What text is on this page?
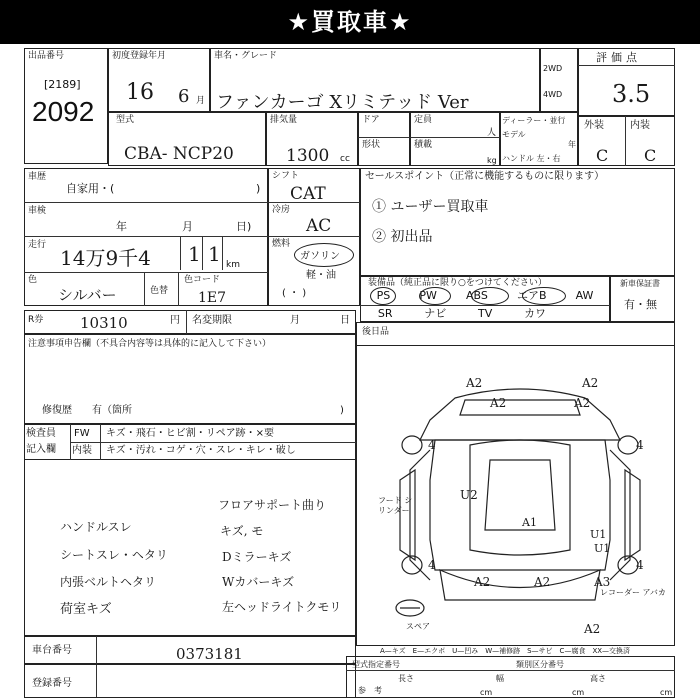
★買取車★
出品番号
[2189]
2092
初度登録年月
16 6 月
車名・グレード
ファンカーゴ Xリミテッド Ver
2WD
4WD
評価点
3.5
型式
CBA- NCP20
排気量
1300 cc
ドア
形状
定員
人
積載
kg
ディーラー・並行
モデル
年
ハンドル 左・右
外装	内装
C C
車歴
自家用・(	)
車検
年	月	日)
走行
14万9千4 1 1 km
色
シルバー	色替
色コード
1E7
シフト
CAT
冷房
AC
燃料
ガソリン
軽・油
( ・ )
セールスポイント（正常に機能するものに限ります）
① ユーザー買取車
② 初出品
装備品（純正品に限り○をつけてください）
PS	PW	ABS	エアB	AW
SR	ナビ	TV	カワ
新車保証書
有・無
R券 10310	円 名変期限	月	日
注意事項申告欄（不具合内容等は具体的に記入して下さい）
修復歴　　有（箇所	)
後日品
検査員
記入欄
FW キズ・飛石・ヒビ割・リペア跡・×要
内装 キズ・汚れ・コゲ・穴・スレ・キレ・破し
ハンドルスレ
シートスレ・ヘタリ
内張ベルトヘタリ
荷室キズ
フロアサポート曲り
キズ, モ
Dミラーキズ
Wカバーキズ
左ヘッドライトクモリ
A2	A2
A2	A2
U2
U1
A1
U1
A2	A2
A2
A3
4	4
4	4
フード シリンダー
レコーダー アバカ
スペア
A—キズ　E—エクボ　U—凹み　W—補修跡　S—サビ　C—腐食　XX—交換済
車台番号	0373181
登録番号
型式指定番号	類別区分番号
参　考
長さ	幅	高さ
cm	cm	cm
